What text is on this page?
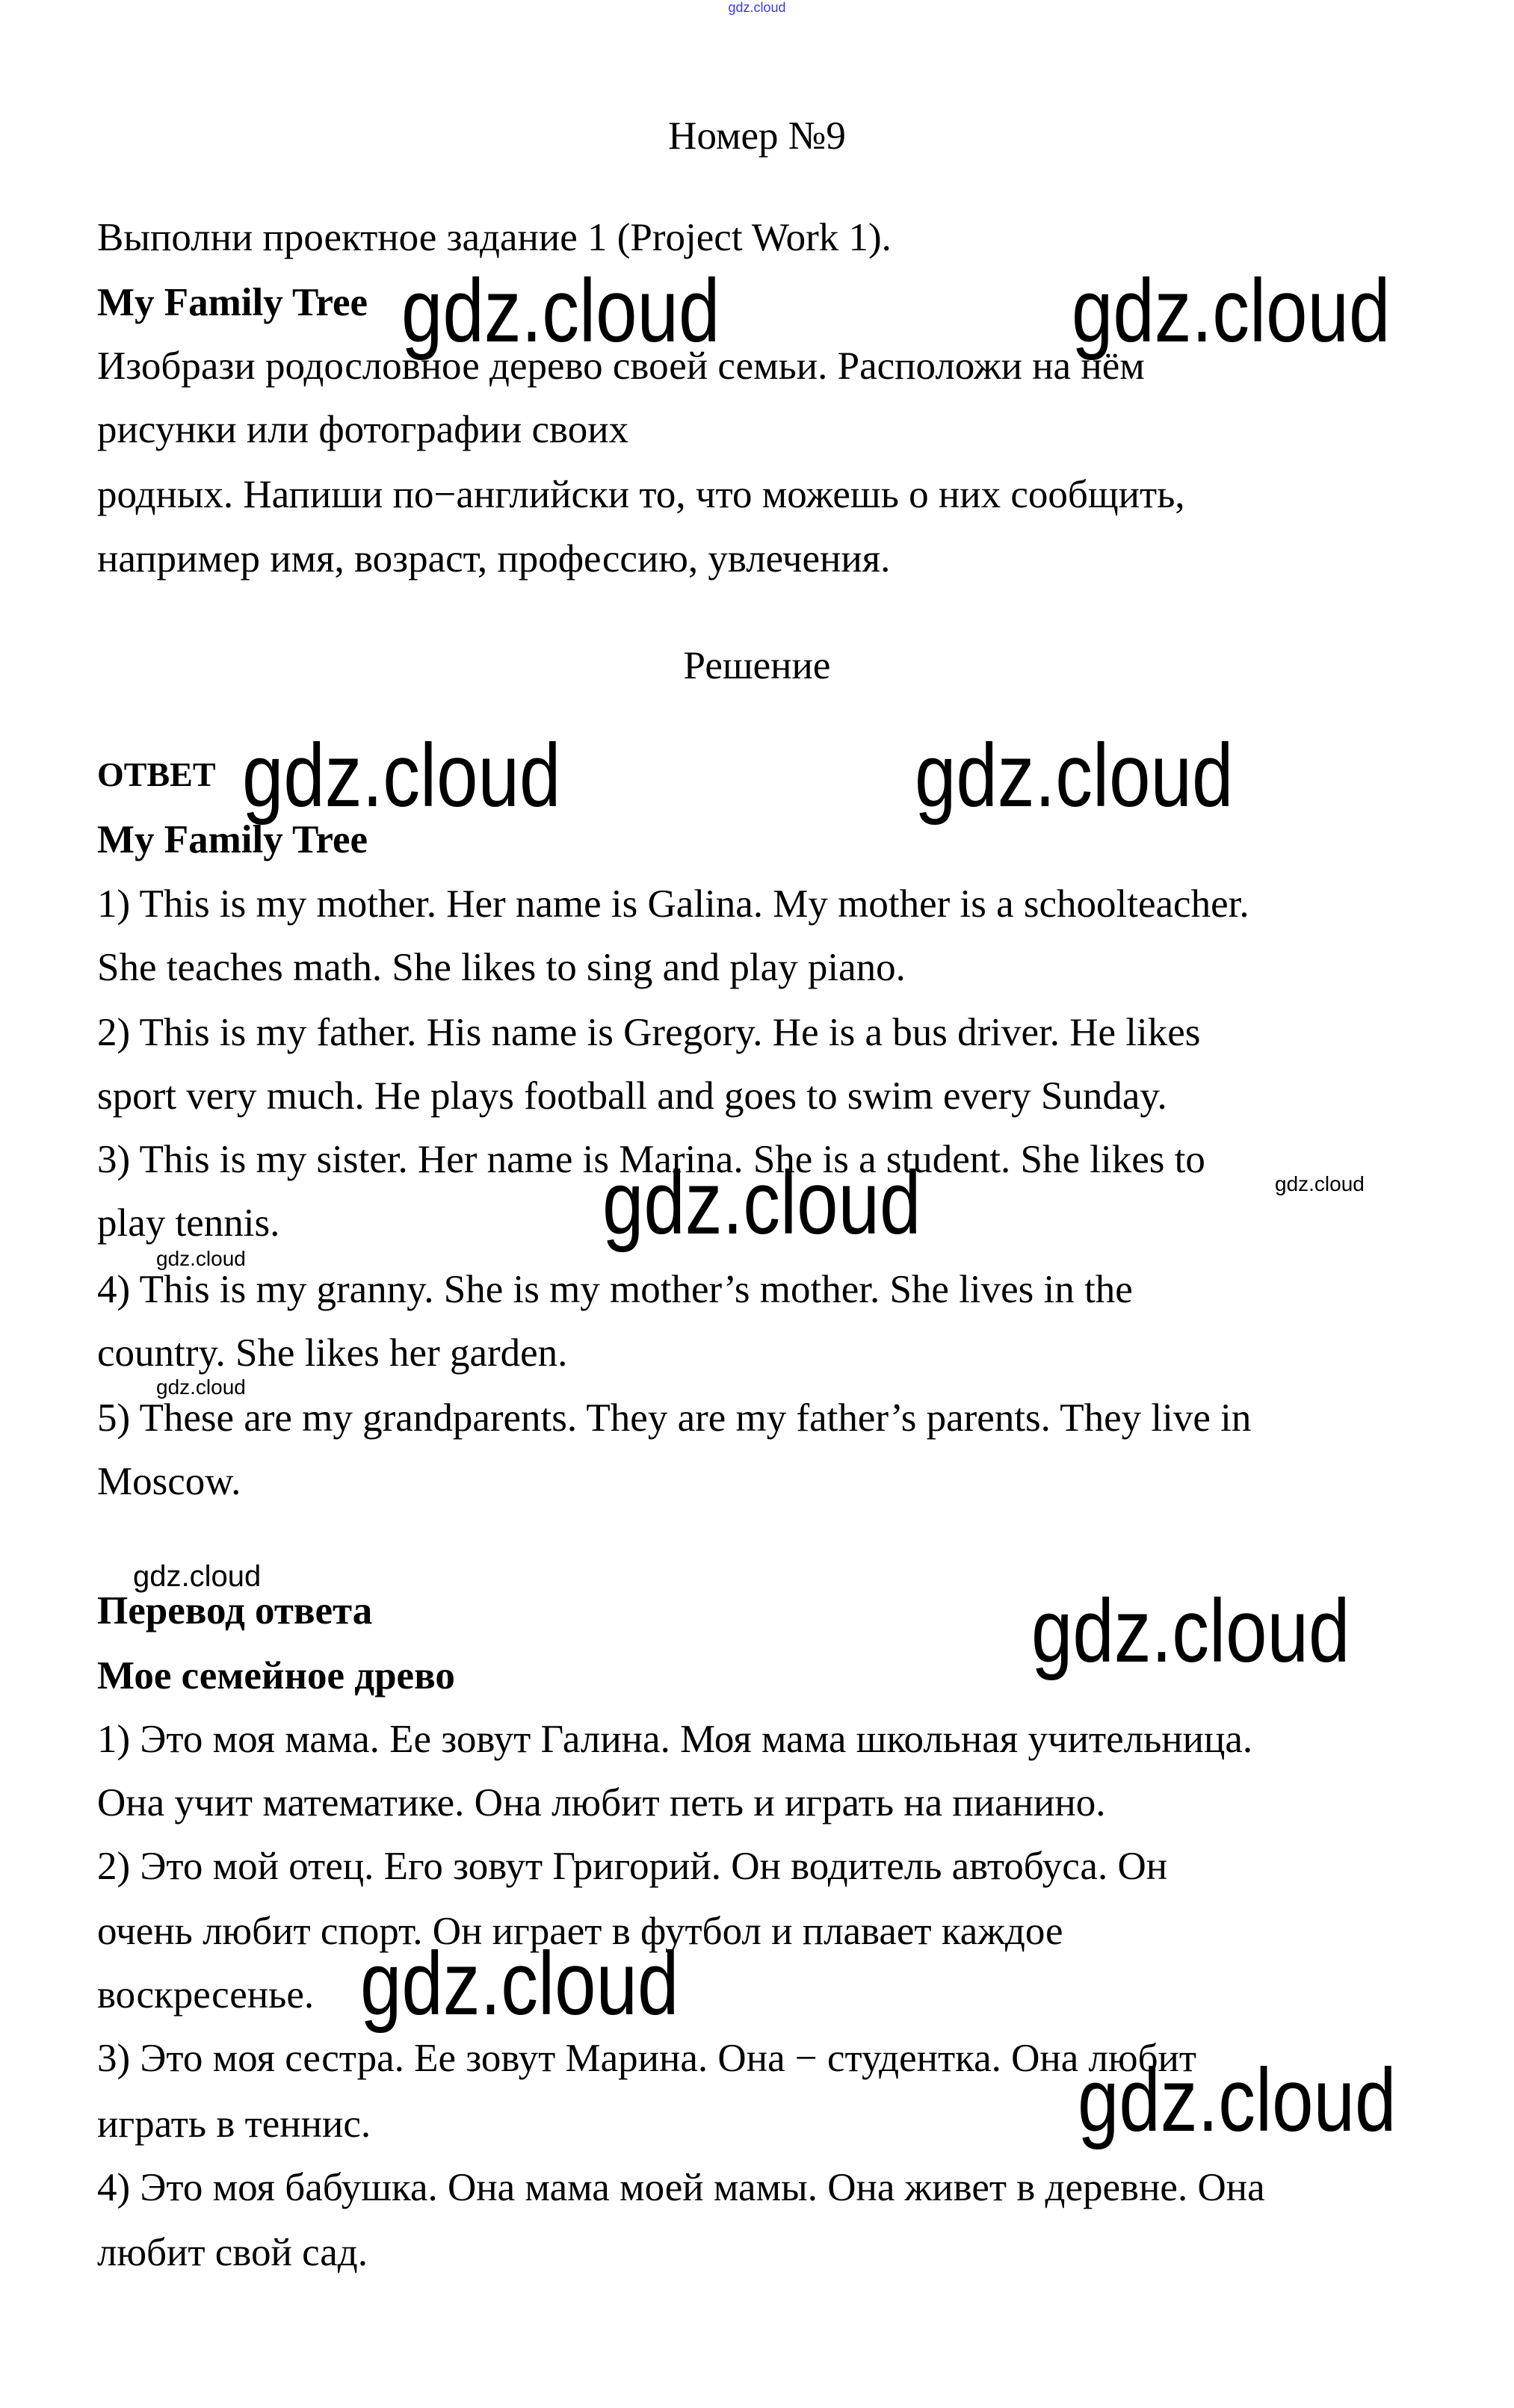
gdz.cloud
Номер №9
Выполни проектное задание 1 (Project Work 1).
My Family Tree
Изобрази родословное дерево своей семьи. Расположи на нём
рисунки или фотографии своих
родных. Напиши по−английски то, что можешь о них сообщить,
например имя, возраст, профессию, увлечения.
Решение
ОТВЕТ
My Family Tree
1) This is my mother. Her name is Galina. My mother is a schoolteacher.
She teaches math. She likes to sing and play piano.
2) This is my father. His name is Gregory. He is a bus driver. He likes
sport very much. He plays football and goes to swim every Sunday.
3) This is my sister. Her name is Marina. She is a student. She likes to
play tennis.
4) This is my granny. She is my mother’s mother. She lives in the
country. She likes her garden.
5) These are my grandparents. They are my father’s parents. They live in
Moscow.
Перевод ответа
Мое семейное древо
1) Это моя мама. Ее зовут Галина. Моя мама школьная учительница.
Она учит математике. Она любит петь и играть на пианино.
2) Это мой отец. Его зовут Григорий. Он водитель автобуса. Он
очень любит спорт. Он играет в футбол и плавает каждое
воскресенье.
3) Это моя сестра. Ее зовут Марина. Она − студентка. Она любит
играть в теннис.
4) Это моя бабушка. Она мама моей мамы. Она живет в деревне. Она
любит свой сад.
gdz.cloud	gdz.cloud
gdz.cloud	gdz.cloud
gdz.cloud
gdz.cloud
gdz.cloud
gdz.cloud
gdz.cloud
gdz.cloud
gdz.cloud
gdz.cloud
